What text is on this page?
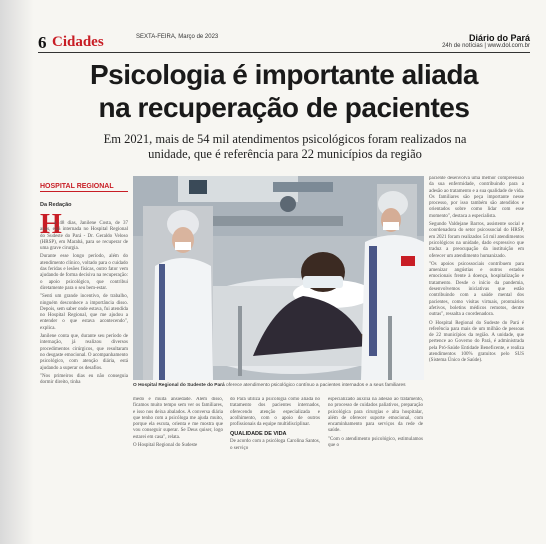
6 Cidades	SEXTA-FEIRA, Março de 2023	Diário do Pará
24h de notícias | www.dol.com.br
Psicologia é importante aliada
na recuperação de pacientes
Em 2021, mais de 54 mil atendimentos psicológicos foram realizados na unidade, que é referência para 22 municípios da região
HOSPITAL REGIONAL
Da Redação
H

á 48 dias, Janilene Costa, de 37 anos, está internada no Hospital Regional do Sudeste do Pará - Dr. Geraldo Veloso (HRSP), em Marabá, para se recuperar de uma grave cirurgia.

Durante esse longo período, além do atendimento clínico, voltado para o cuidado das feridas e lesões físicas, outro fator vem ajudando de forma decisiva na recuperação: o apoio psicológico, que contribui diretamente para o seu bem-estar.

"Senti um grande incentivo, de trabalho, ninguém desconhece a importância disso. Depois, sem saber onde estava, fui atendida no Hospital Regional, que me ajudou a entender o que estava acontecendo", explica.

Janilene conta que, durante seu período de internação, já realizou diversos procedimentos cirúrgicos, que resultaram no desgaste emocional. O acompanhamento psicológico, com atenção diária, está ajudando a superar os desafios.

"Nos primeiros dias eu não conseguia dormir direito, tinha

O Hospital Regional do Sudeste do Pará oferece atendimento psicológico contínuo a pacientes internados e a seus familiares

medo e muita ansiedade. Além disso, ficamos muito tempo sem ver os familiares, e isso nos deixa abalados. A conversa diária que tenho com a psicóloga me ajuda muito, porque ela escuta, orienta e me mostra que vou conseguir superar. Se Deus quiser, logo estarei em casa", relata.

O Hospital Regional do Sudeste

do Pará utiliza a psicologia como aliada no tratamento dos pacientes internados, oferecendo atenção especializada e acolhimento, com o apoio de outros profissionais da equipe multidisciplinar.

QUALIDADE DE VIDA

De acordo com a psicóloga Carolina Santos, o serviço

especializado auxilia na adesão ao tratamento, no processo de cuidados paliativos, preparação psicológica para cirurgias e alta hospitalar, além de oferecer suporte emocional, com encaminhamento para serviços da rede de saúde.

"Com o atendimento psicológico, estimulamos que o

paciente desenvolva uma melhor compreensão da sua enfermidade, contribuindo para a adesão ao tratamento e a sua qualidade de vida. Os familiares são peça importante nesse processo, por isso também são atendidos e orientados sobre como lidar com esse momento", destaca a especialista.

Segundo Valdejane Barros, assistente social e coordenadora do setor psicossocial do HRSP, em 2021 foram realizados 54 mil atendimentos psicológicos na unidade, dado expressivo que traduz a preocupação da instituição em oferecer um atendimento humanizado.

"Os apoios psicossociais contribuem para amenizar angústias e outros estados emocionais frente à doença, hospitalização e tratamento. Desde o início da pandemia, desenvolvemos iniciativas que estão contribuindo com a saúde mental dos pacientes, como visitas virtuais, prontuários afetivos, boletins médicos remotos, dentre outras", ressalta a coordenadora.

O Hospital Regional do Sudeste do Pará é referência para mais de um milhão de pessoas de 22 municípios da região. A unidade, que pertence ao Governo do Pará, é administrada pela Pró-Saúde Entidade Beneficente, e realiza atendimentos 100% gratuitos pelo SUS (Sistema Único de Saúde).
